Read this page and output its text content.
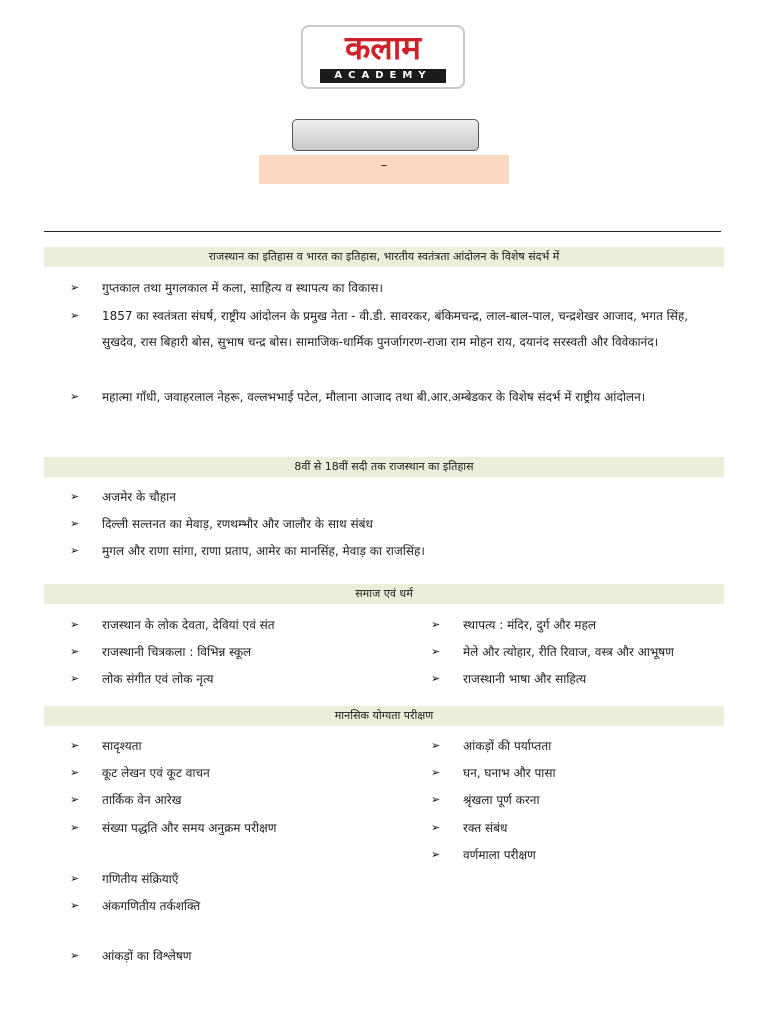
कलाम
ACADEMY
–
राजस्थान का इतिहास व भारत का इतिहास, भारतीय स्वतंत्रता आंदोलन के विशेष संदर्भ में
➢ गुप्तकाल तथा मुगलकाल में कला, साहित्य व स्थापत्य का विकास।
➢ 1857 का स्वतंत्रता संघर्ष, राष्ट्रीय आंदोलन के प्रमुख नेता - वी.डी. सावरकर, बंकिमचन्द्र, लाल-बाल-पाल, चन्द्रशेखर आजाद, भगत सिंह, सुखदेव, रास बिहारी बोस, सुभाष चन्द्र बोस। सामाजिक-धार्मिक पुनर्जागरण-राजा राम मोहन राय, दयानंद सरस्वती और विवेकानंद।
➢ महात्मा गाँधी, जवाहरलाल नेहरू, वल्लभभाई पटेल, मौलाना आजाद तथा बी.आर.अम्बेडकर के विशेष संदर्भ में राष्ट्रीय आंदोलन।
8वीं से 18वीं सदी तक राजस्थान का इतिहास
➢ अजमेर के चौहान
➢ दिल्ली सल्तनत का मेवाड़, रणथम्भौर और जालौर के साथ संबंध
➢ मुगल और राणा सांगा, राणा प्रताप, आमेर का मानसिंह, मेवाड़ का राजसिंह।
समाज एवं धर्म
➢ राजस्थान के लोक देवता, देवियां एवं संत
➢ राजस्थानी चित्रकला : विभिन्न स्कूल
➢ लोक संगीत एवं लोक नृत्य
➢ स्थापत्य : मंदिर, दुर्ग और महल
➢ मेले और त्योहार, रीति रिवाज, वस्त्र और आभूषण
➢ राजस्थानी भाषा और साहित्य
मानसिक योग्यता परीक्षण
➢ सादृश्यता
➢ कूट लेखन एवं कूट वाचन
➢ तार्किक वेन आरेख
➢ संख्या पद्धति और समय अनुक्रम परीक्षण
➢ गणितीय संक्रियाएँ
➢ अंकगणितीय तर्कशक्ति
➢ आंकड़ों का विश्लेषण
➢ आंकड़ों की पर्याप्तता
➢ घन, घनाभ और पासा
➢ श्रृंखला पूर्ण करना
➢ रक्त संबंध
➢ वर्णमाला परीक्षण
